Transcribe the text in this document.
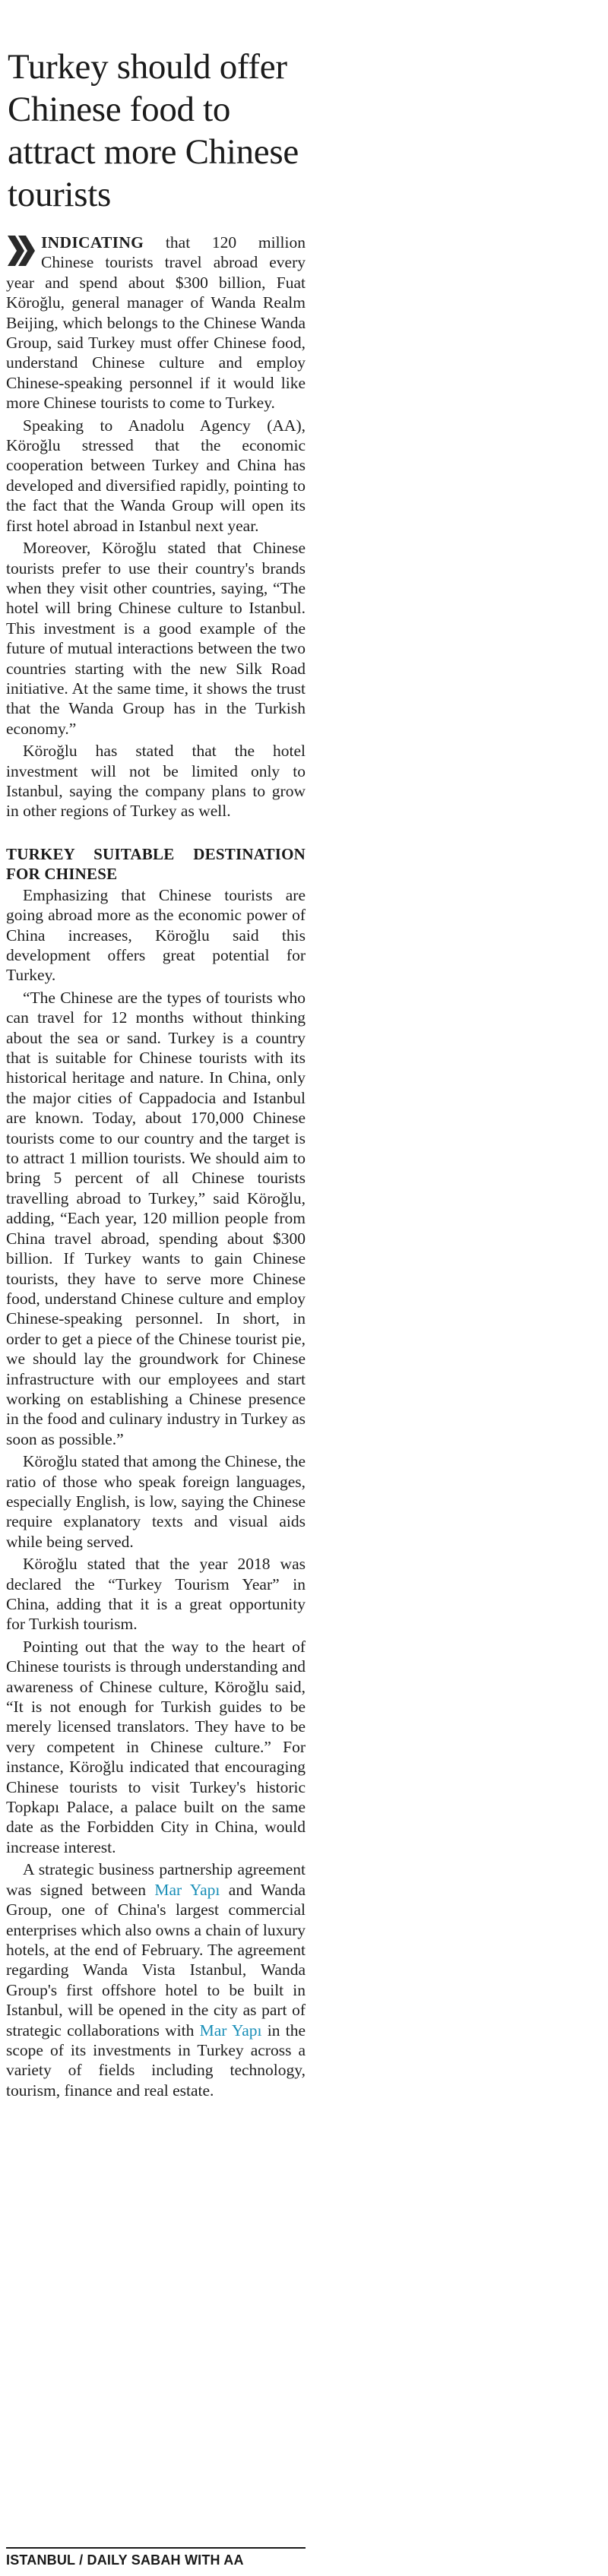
Turkey should offer Chinese food to attract more Chinese tourists

INDICATING that 120 million Chinese tourists travel abroad every year and spend about $300 billion, Fuat Köroğlu, general manager of Wanda Realm Beijing, which belongs to the Chinese Wanda Group, said Turkey must offer Chinese food, understand Chinese culture and employ Chinese-speaking personnel if it would like more Chinese tourists to come to Turkey.

Speaking to Anadolu Agency (AA), Köroğlu stressed that the economic cooperation between Turkey and China has developed and diversified rapidly, pointing to the fact that the Wanda Group will open its first hotel abroad in Istanbul next year.

Moreover, Köroğlu stated that Chinese tourists prefer to use their country's brands when they visit other countries, saying, “The hotel will bring Chinese culture to Istanbul. This investment is a good example of the future of mutual interactions between the two countries starting with the new Silk Road initiative. At the same time, it shows the trust that the Wanda Group has in the Turkish economy.”

Köroğlu has stated that the hotel investment will not be limited only to Istanbul, saying the company plans to grow in other regions of Turkey as well.

TURKEY SUITABLE DESTINATION FOR CHINESE

Emphasizing that Chinese tourists are going abroad more as the economic power of China increases, Köroğlu said this development offers great potential for Turkey.

“The Chinese are the types of tourists who can travel for 12 months without thinking about the sea or sand. Turkey is a country that is suitable for Chinese tourists with its historical heritage and nature. In China, only the major cities of Cappadocia and Istanbul are known. Today, about 170,000 Chinese tourists come to our country and the target is to attract 1 million tourists. We should aim to bring 5 percent of all Chinese tourists travelling abroad to Turkey,” said Köroğlu, adding, “Each year, 120 million people from China travel abroad, spending about $300 billion. If Turkey wants to gain Chinese tourists, they have to serve more Chinese food, understand Chinese culture and employ Chinese-speaking personnel. In short, in order to get a piece of the Chinese tourist pie, we should lay the groundwork for Chinese infrastructure with our employees and start working on establishing a Chinese presence in the food and culinary industry in Turkey as soon as possible.”

Köroğlu stated that among the Chinese, the ratio of those who speak foreign languages, especially English, is low, saying the Chinese require explanatory texts and visual aids while being served.

Köroğlu stated that the year 2018 was declared the “Turkey Tourism Year” in China, adding that it is a great opportunity for Turkish tourism.

Pointing out that the way to the heart of Chinese tourists is through understanding and awareness of Chinese culture, Köroğlu said, “It is not enough for Turkish guides to be merely licensed translators. They have to be very competent in Chinese culture.” For instance, Köroğlu indicated that encouraging Chinese tourists to visit Turkey's historic Topkapı Palace, a palace built on the same date as the Forbidden City in China, would increase interest.

A strategic business partnership agreement was signed between Mar Yapı and Wanda Group, one of China's largest commercial enterprises which also owns a chain of luxury hotels, at the end of February. The agreement regarding Wanda Vista Istanbul, Wanda Group's first offshore hotel to be built in Istanbul, will be opened in the city as part of strategic collaborations with Mar Yapı in the scope of its investments in Turkey across a variety of fields including technology, tourism, finance and real estate.

ISTANBUL / DAILY SABAH WITH AA
